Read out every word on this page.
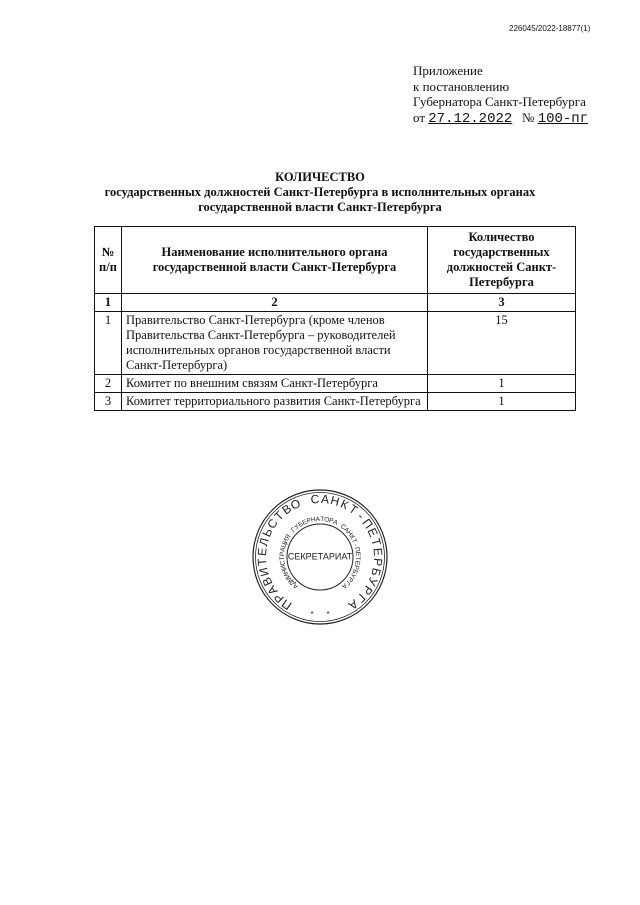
226045/2022-18877(1)
Приложение
к постановлению
Губернатора Санкт-Петербурга
от 27.12.2022 № 100-пг
КОЛИЧЕСТВО
государственных должностей Санкт-Петербурга в исполнительных органах
государственной власти Санкт-Петербурга
№ п/п	Наименование исполнительного органа государственной власти Санкт-Петербурга	Количество государственных должностей Санкт-Петербурга
1	2	3
1	Правительство Санкт-Петербурга (кроме членов Правительства Санкт-Петербурга – руководителей исполнительных органов государственной власти Санкт-Петербурга)	15
2	Комитет по внешним связям Санкт-Петербурга	1
3	Комитет территориального развития Санкт-Петербурга	1
